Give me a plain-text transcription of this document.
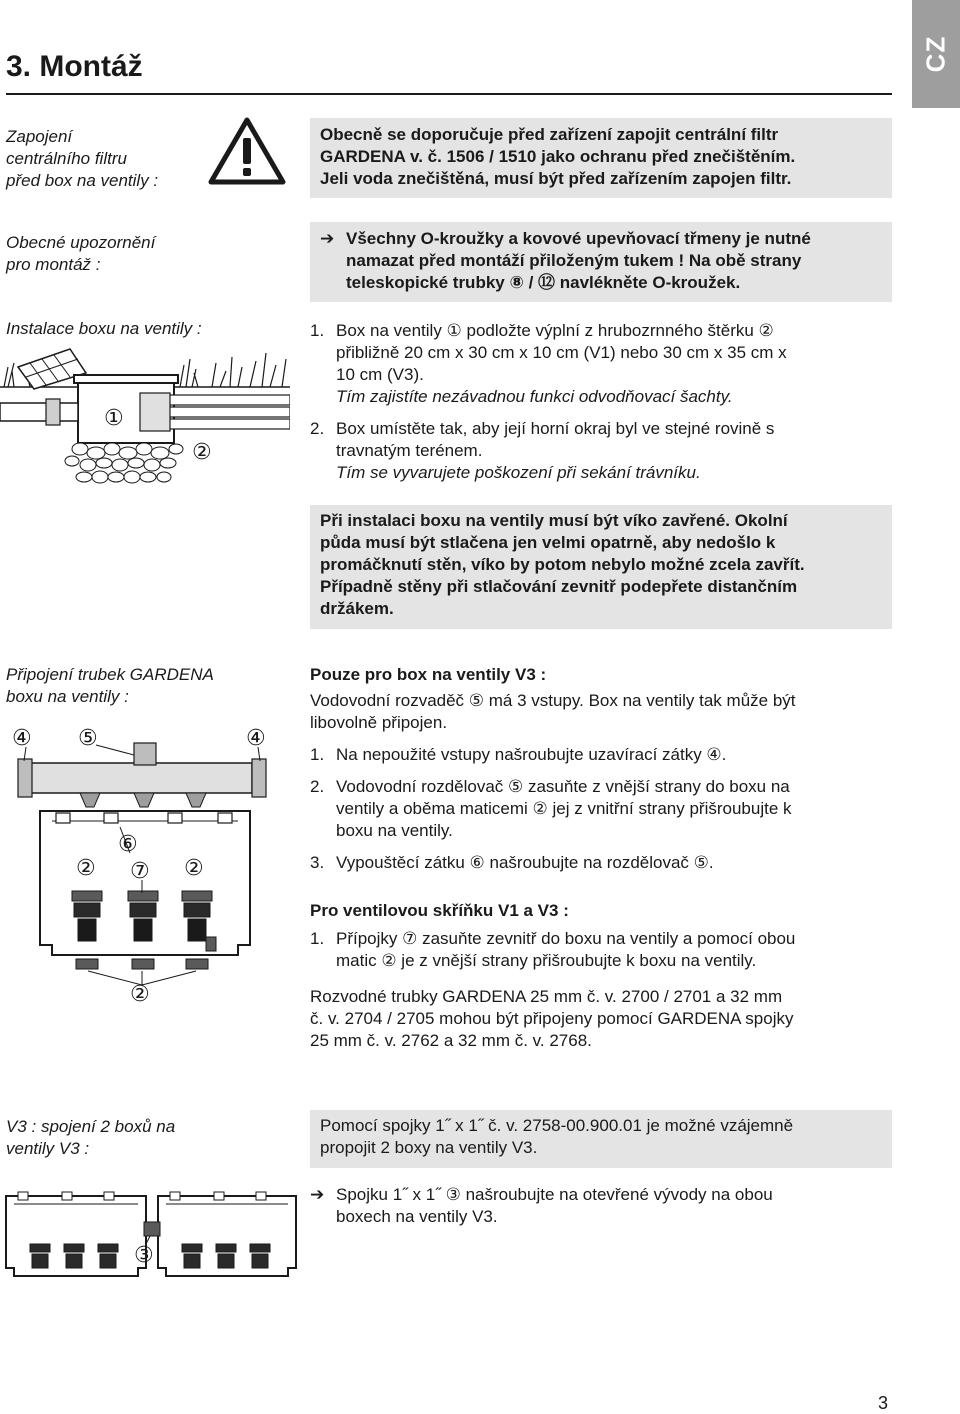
CZ
3. Montáž
Zapojení
centrálního filtru
před box na ventily :
Obecně se doporučuje před zařízení zapojit centrální filtr
GARDENA v. č. 1506 / 1510 jako ochranu před znečištěním.
Jeli voda znečištěná, musí být před zařízením zapojen filtr.
Obecné upozornění
pro montáž :
➔ Všechny O-kroužky a kovové upevňovací třmeny je nutné
namazat před montáží přiloženým tukem ! Na obě strany
teleskopické trubky ⑧ / ⑫ navlékněte O-kroužek.
Instalace boxu na ventily :
①
②
1. Box na ventily ① podložte výplní z hrubozrnného štěrku ②
přibližně 20 cm x 30 cm x 10 cm (V1) nebo 30 cm x 35 cm x
10 cm (V3).
Tím zajistíte nezávadnou funkci odvodňovací šachty.
2. Box umístěte tak, aby její horní okraj byl ve stejné rovině s
travnatým terénem.
Tím se vyvarujete poškození při sekání trávníku.
Při instalaci boxu na ventily musí být víko zavřené. Okolní
půda musí být stlačena jen velmi opatrně, aby nedošlo k
promáčknutí stěn, víko by potom nebylo možné zcela zavřít.
Případně stěny při stlačování zevnitř podepřete distančním
držákem.
Připojení trubek GARDENA
boxu na ventily :
④ ⑤	④
⑥
② ⑦ ②
②
Pouze pro box na ventily V3 :
Vodovodní rozvaděč ⑤ má 3 vstupy. Box na ventily tak může být
libovolně připojen.
1. Na nepoužité vstupy našroubujte uzavírací zátky ④.
2. Vodovodní rozdělovač ⑤ zasuňte z vnější strany do boxu na
ventily a oběma maticemi ② jej z vnitřní strany přišroubujte k
boxu na ventily.
3. Vypouštěcí zátku ⑥ našroubujte na rozdělovač ⑤.
Pro ventilovou skříňku V1 a V3 :
1. Přípojky ⑦ zasuňte zevnitř do boxu na ventily a pomocí obou
matic ② je z vnější strany přišroubujte k boxu na ventily.
Rozvodné trubky GARDENA 25 mm č. v. 2700 / 2701 a 32 mm
č. v. 2704 / 2705 mohou být připojeny pomocí GARDENA spojky
25 mm č. v. 2762 a 32 mm č. v. 2768.
V3 : spojení 2 boxů na
ventily V3 :
③
Pomocí spojky 1˝ x 1˝ č. v. 2758-00.900.01 je možné vzájemně
propojit 2 boxy na ventily V3.
➔ Spojku 1˝ x 1˝ ③ našroubujte na otevřené vývody na obou
boxech na ventily V3.
3
